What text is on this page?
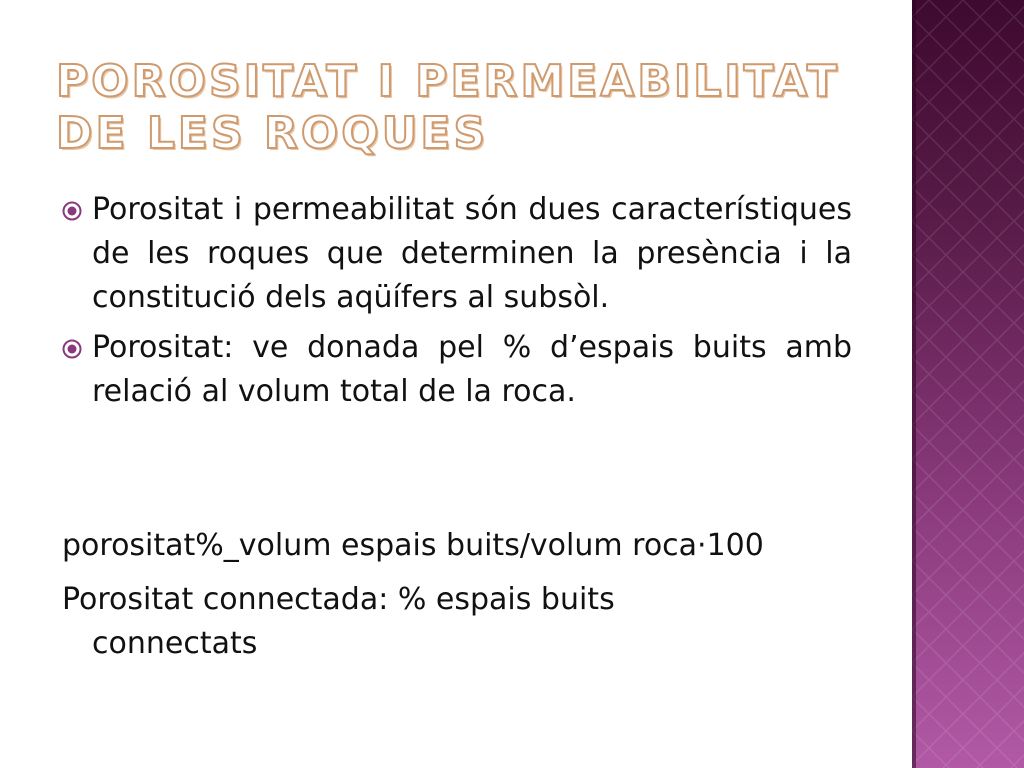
POROSITAT I PERMEABILITAT DE LES ROQUES
Porositat i permeabilitat són dues característiques de les roques que determinen la presència i la constitució dels aqüífers al subsòl.
Porositat: ve donada pel % d’espais buits amb relació al volum total de la roca.

porositat%_volum espais buits/volum roca·100

Porositat connectada: % espais buits
connectats
